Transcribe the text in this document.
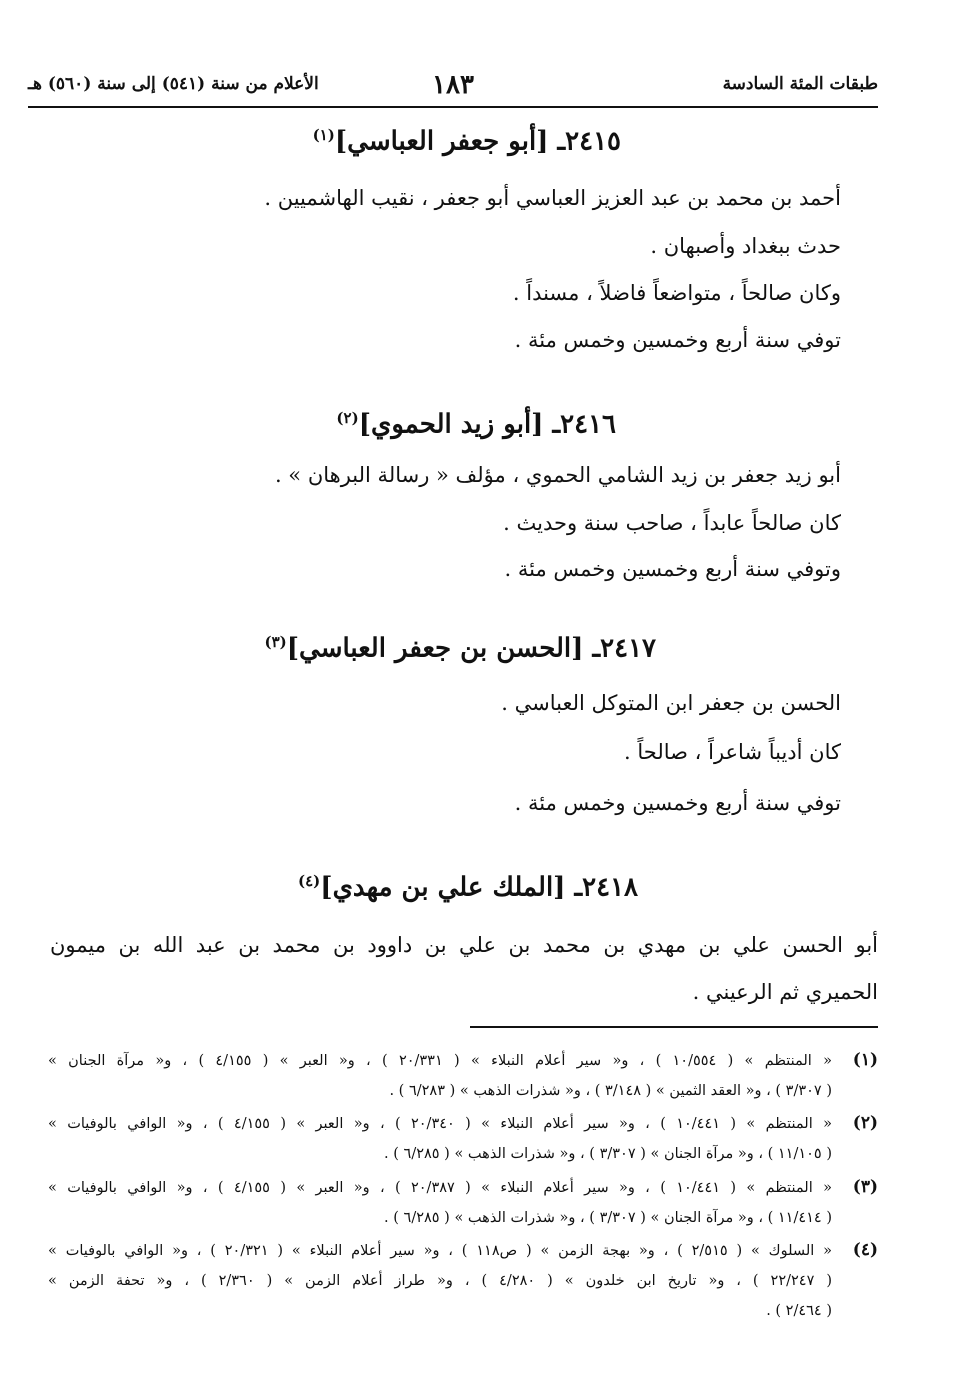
طبقات المئة السادسة
١٨٣
الأعلام من سنة (٥٤١) إلى سنة (٥٦٠) هـ
٢٤١٥ـ [أبو جعفر العباسي]$^{(١)}$
أحمد بن محمد بن عبد العزيز العباسي أبو جعفر ، نقيب الهاشميين .
حدث ببغداد وأصبهان .
وكان صالحاً ، متواضعاً فاضلاً ، مسنداً .
توفي سنة أربع وخمسين وخمس مئة .
٢٤١٦ـ [أبو زيد الحموي]$^{(٢)}$
أبو زيد جعفر بن زيد الشامي الحموي ، مؤلف « رسالة البرهان » .
كان صالحاً عابداً ، صاحب سنة وحديث .
وتوفي سنة أربع وخمسين وخمس مئة .
٢٤١٧ـ [الحسن بن جعفر العباسي]$^{(٣)}$
الحسن بن جعفر ابن المتوكل العباسي .
كان أديباً شاعراً ، صالحاً .
توفي سنة أربع وخمسين وخمس مئة .
٢٤١٨ـ [الملك علي بن مهدي]$^{(٤)}$
أبو الحسن علي بن مهدي بن محمد بن علي بن داوود بن محمد بن عبد الله بن ميمون
الحميري ثم الرعيني .
(١)
« المنتظم » ( ١٠/٥٥٤ ) ، و« سير أعلام النبلاء » ( ٢٠/٣٣١ ) ، و« العبر » ( ٤/١٥٥ ) ، و« مرآة الجنان »
( ٣/٣٠٧ ) ، و« العقد الثمين » ( ٣/١٤٨ ) ، و« شذرات الذهب » ( ٦/٢٨٣ ) .
(٢)
« المنتظم » ( ١٠/٤٤١ ) ، و« سير أعلام النبلاء » ( ٢٠/٣٤٠ ) ، و« العبر » ( ٤/١٥٥ ) ، و« الوافي بالوفيات »
( ١١/١٠٥ ) ، و« مرآة الجنان » ( ٣/٣٠٧ ) ، و« شذرات الذهب » ( ٦/٢٨٥ ) .
(٣)
« المنتظم » ( ١٠/٤٤١ ) ، و« سير أعلام النبلاء » ( ٢٠/٣٨٧ ) ، و« العبر » ( ٤/١٥٥ ) ، و« الوافي بالوفيات »
( ١١/٤١٤ ) ، و« مرآة الجنان » ( ٣/٣٠٧ ) ، و« شذرات الذهب » ( ٦/٢٨٥ ) .
(٤)
« السلوك » ( ٢/٥١٥ ) ، و« بهجة الزمن » ( ص١١٨ ) ، و« سير أعلام النبلاء » ( ٢٠/٣٢١ ) ، و« الوافي بالوفيات »
( ٢٢/٢٤٧ ) ، و« تاريخ ابن خلدون » ( ٤/٢٨٠ ) ، و« طراز أعلام الزمن » ( ٢/٣٦٠ ) ، و« تحفة الزمن »
( ٢/٤٦٤ ) .
